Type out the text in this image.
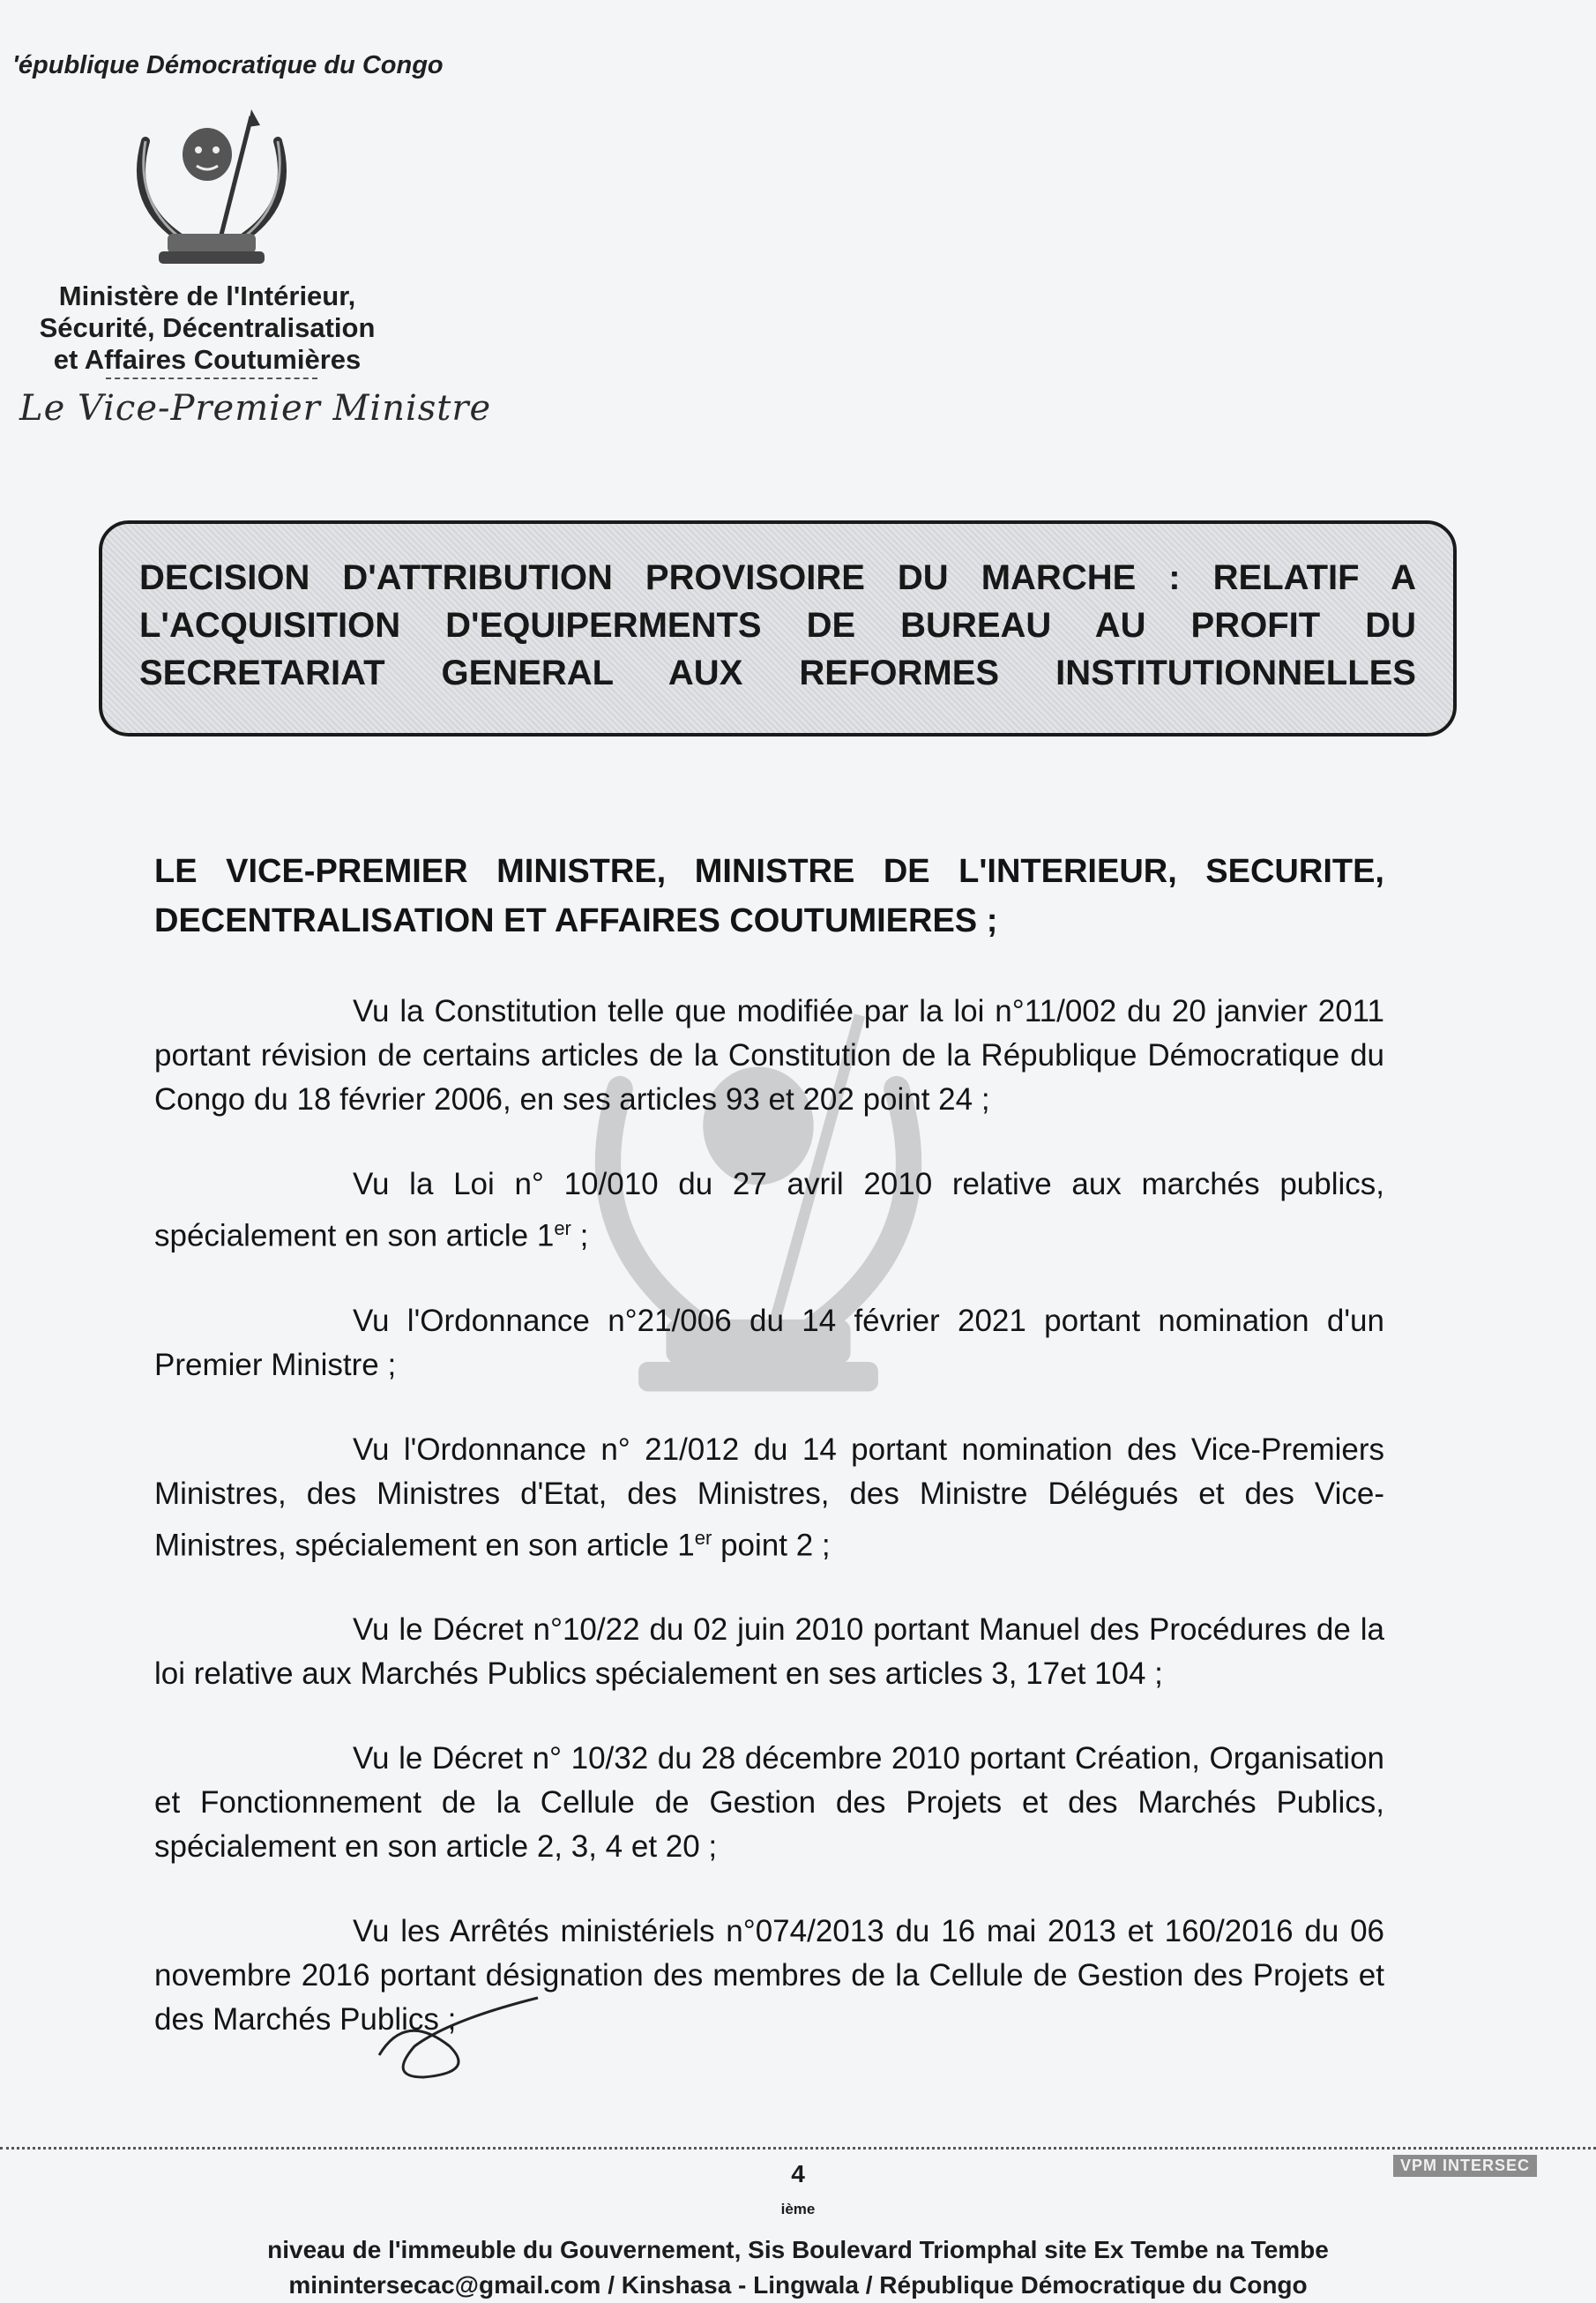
'épublique Démocratique du Congo
Ministère de l'Intérieur,
Sécurité, Décentralisation
et Affaires Coutumières
Le Vice-Premier Ministre
DECISION D'ATTRIBUTION PROVISOIRE DU MARCHE : RELATIF A
L'ACQUISITION D'EQUIPERMENTS DE BUREAU AU PROFIT DU
SECRETARIAT GENERAL AUX REFORMES INSTITUTIONNELLES
LE VICE-PREMIER MINISTRE, MINISTRE DE L'INTERIEUR, SECURITE,
DECENTRALISATION ET AFFAIRES COUTUMIERES ;

Vu la Constitution telle que modifiée par la loi n°11/002 du 20 janvier 2011 portant révision de certains articles de la Constitution de la République Démocratique du Congo du 18 février 2006, en ses articles 93 et 202 point 24 ;

Vu la Loi n° 10/010 du 27 avril 2010 relative aux marchés publics, spécialement en son article 1er ;

Vu l'Ordonnance n°21/006 du 14 février 2021 portant nomination d'un Premier Ministre ;

Vu l'Ordonnance n° 21/012 du 14 portant nomination des Vice-Premiers Ministres, des Ministres d'Etat, des Ministres, des Ministre Délégués et des Vice-Ministres, spécialement en son article 1er point 2 ;

Vu le Décret n°10/22 du 02 juin 2010 portant Manuel des Procédures de la loi relative aux Marchés Publics spécialement en ses articles 3, 17et 104 ;

Vu le Décret n° 10/32 du 28 décembre 2010 portant Création, Organisation et Fonctionnement de la Cellule de Gestion des Projets et des Marchés Publics, spécialement en son article 2, 3, 4 et 20 ;

Vu les Arrêtés ministériels n°074/2013 du 16 mai 2013 et 160/2016 du 06 novembre 2016 portant désignation des membres de la Cellule de Gestion des Projets et des Marchés Publics ;

4
$^{ième}$
niveau de l'immeuble du Gouvernement, Sis Boulevard Triomphal site Ex Tembe na Tembe
minintersecac@gmail.com / Kinshasa - Lingwala / République Démocratique du Congo
VPM INTERSEC
